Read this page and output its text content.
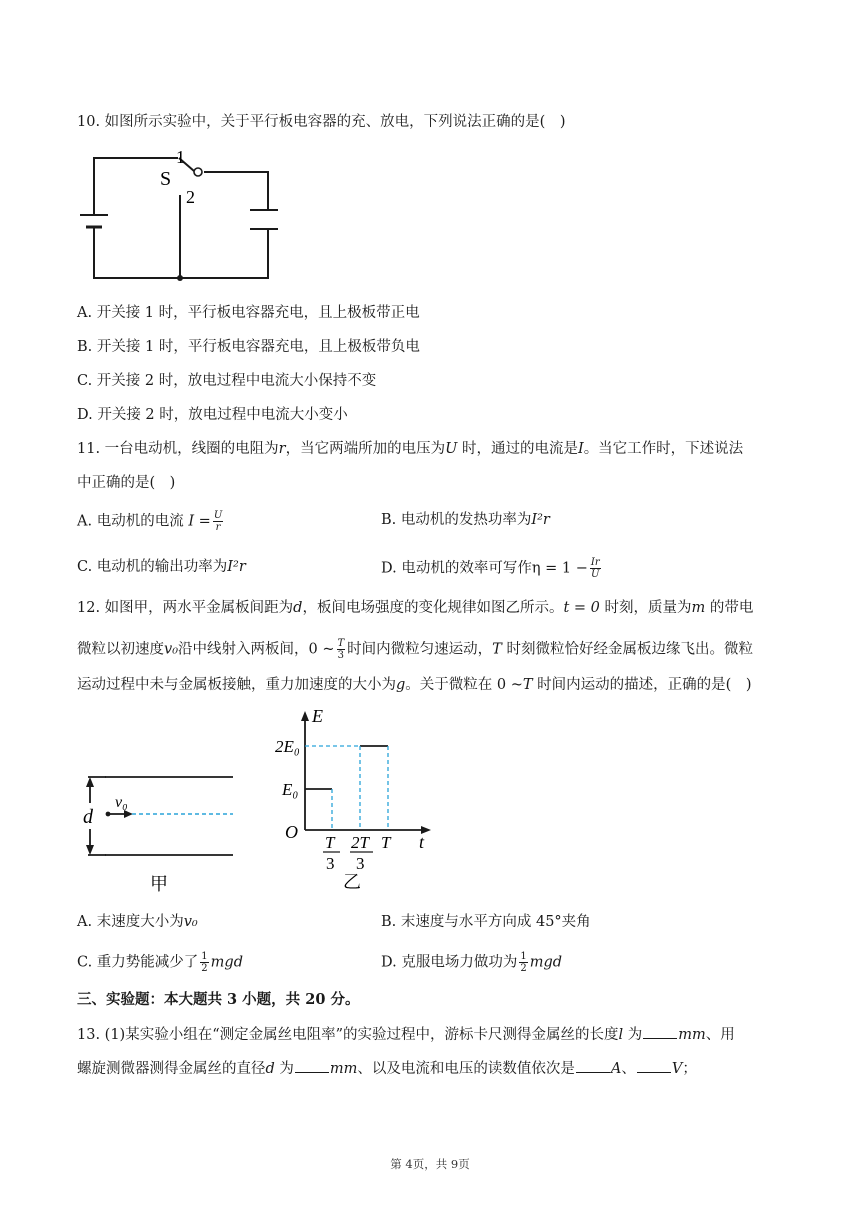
10. 如图所示实验中，关于平行板电容器的充、放电，下列说法正确的是(　)
S
1
2
A. 开关接 1 时，平行板电容器充电，且上极板带正电
B. 开关接 1 时，平行板电容器充电，且上极板带负电
C. 开关接 2 时，放电过程中电流大小保持不变
D. 开关接 2 时，放电过程中电流大小变小
11. 一台电动机，线圈的电阻为r，当它两端所加的电压为U 时，通过的电流是I。当它工作时，下述说法
中正确的是(　)
A. 电动机的电流 $I = \frac{U}{r}$	B. 电动机的发热功率为I²r
C. 电动机的输出功率为I²r	D. 电动机的效率可写作$\eta = 1 - \frac{Ir}{U}$
12. 如图甲，两水平金属板间距为d，板间电场强度的变化规律如图乙所示。t = 0 时刻，质量为m 的带电
微粒以初速度v₀沿中线射入两板间，0 ~ $\frac{T}{3}$ 时间内微粒匀速运动，T 时刻微粒恰好经金属板边缘飞出。微粒
运动过程中未与金属板接触，重力加速度的大小为g。关于微粒在 0 ~T 时间内运动的描述，正确的是(　)
d
v₀
甲
E
t
O
E₀
2E₀
T
3
2T
3
T
乙
A. 末速度大小为v₀	B. 末速度与水平方向成 45°夹角
C. 重力势能减少了 $\frac{1}{2}$ mgd	D. 克服电场力做功为 $\frac{1}{2}$ mgd
三、实验题：本大题共 3 小题，共 20 分。
13. (1)某实验小组在“测定金属丝电阻率”的实验过程中，游标卡尺测得金属丝的长度l 为 mm、用
螺旋测微器测得金属丝的直径d 为 mm、以及电流和电压的读数值依次是 A、 V；
第 4页，共 9页
